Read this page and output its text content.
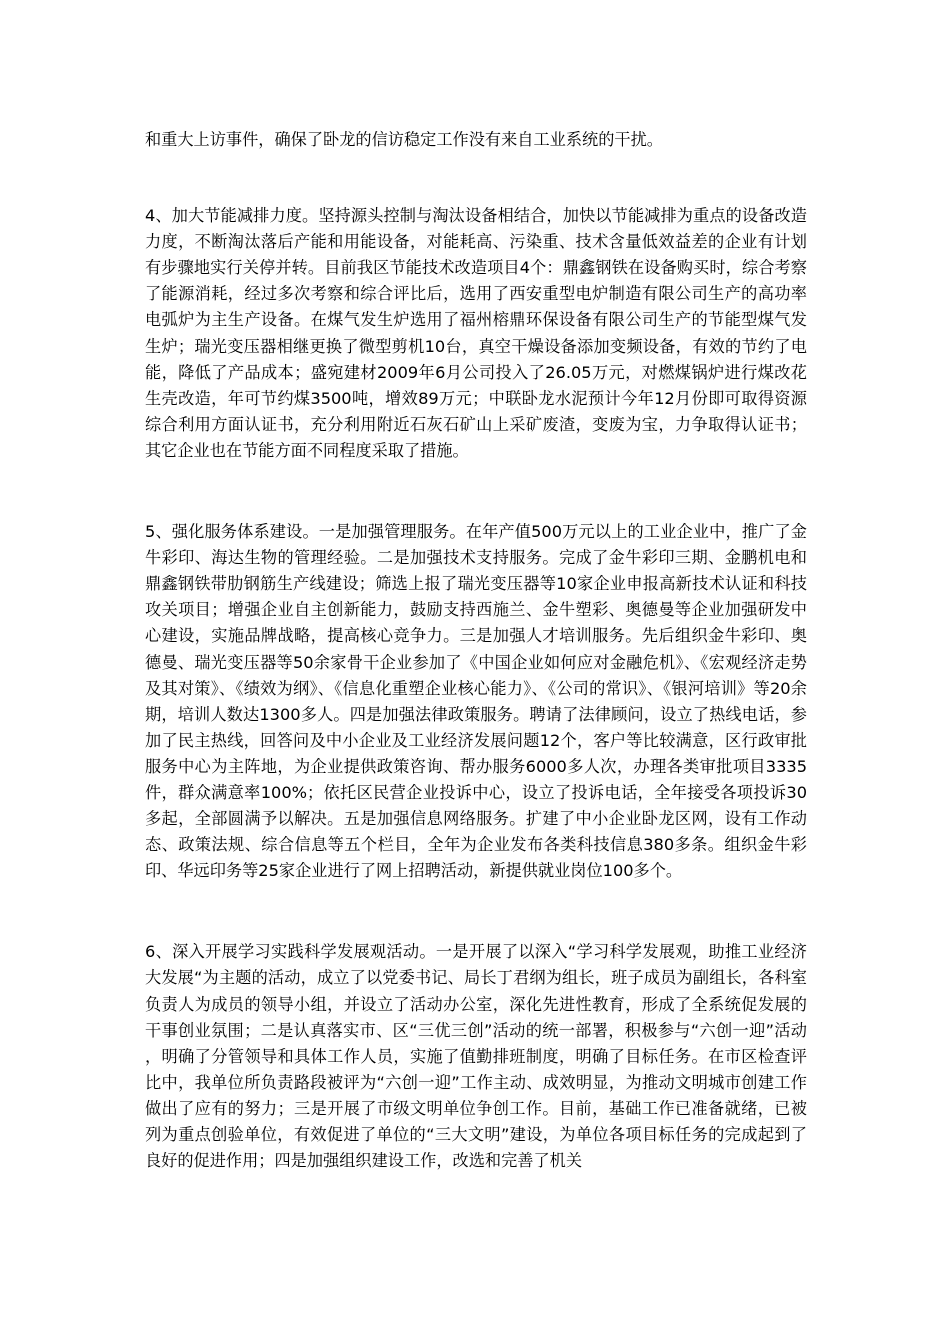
和重大上访事件，确保了卧龙的信访稳定工作没有来自工业系统的干扰。

4、加大节能减排力度。坚持源头控制与淘汰设备相结合，加快以节能减排为重点的设备改造力度，不断淘汰落后产能和用能设备，对能耗高、污染重、技术含量低效益差的企业有计划有步骤地实行关停并转。目前我区节能技术改造项目4个：鼎鑫钢铁在设备购买时，综合考察了能源消耗，经过多次考察和综合评比后，选用了西安重型电炉制造有限公司生产的高功率电弧炉为主生产设备。在煤气发生炉选用了福州榕鼎环保设备有限公司生产的节能型煤气发生炉；瑞光变压器相继更换了微型剪机10台，真空干燥设备添加变频设备，有效的节约了电能，降低了产品成本；盛宛建材2009年6月公司投入了26.05万元，对燃煤锅炉进行煤改花生壳改造，年可节约煤3500吨，增效89万元；中联卧龙水泥预计今年12月份即可取得资源综合利用方面认证书，充分利用附近石灰石矿山上采矿废渣，变废为宝，力争取得认证书；其它企业也在节能方面不同程度采取了措施。

5、强化服务体系建设。一是加强管理服务。在年产值500万元以上的工业企业中，推广了金牛彩印、海达生物的管理经验。二是加强技术支持服务。完成了金牛彩印三期、金鹏机电和鼎鑫钢铁带肋钢筋生产线建设；筛选上报了瑞光变压器等10家企业申报高新技术认证和科技攻关项目；增强企业自主创新能力，鼓励支持西施兰、金牛塑彩、奥德曼等企业加强研发中心建设，实施品牌战略，提高核心竞争力。三是加强人才培训服务。先后组织金牛彩印、奥德曼、瑞光变压器等50余家骨干企业参加了《中国企业如何应对金融危机》、《宏观经济走势及其对策》、《绩效为纲》、《信息化重塑企业核心能力》、《公司的常识》、《银河培训》等20余期，培训人数达1300多人。四是加强法律政策服务。聘请了法律顾问，设立了热线电话，参加了民主热线，回答问及中小企业及工业经济发展问题12个，客户等比较满意，区行政审批服务中心为主阵地，为企业提供政策咨询、帮办服务6000多人次，办理各类审批项目3335件，群众满意率100%；依托区民营企业投诉中心，设立了投诉电话，全年接受各项投诉30多起，全部圆满予以解决。五是加强信息网络服务。扩建了中小企业卧龙区网，设有工作动态、政策法规、综合信息等五个栏目，全年为企业发布各类科技信息380多条。组织金牛彩印、华远印务等25家企业进行了网上招聘活动，新提供就业岗位100多个。

6、深入开展学习实践科学发展观活动。一是开展了以深入“学习科学发展观，助推工业经济大发展“为主题的活动，成立了以党委书记、局长丁君纲为组长，班子成员为副组长，各科室负责人为成员的领导小组，并设立了活动办公室，深化先进性教育，形成了全系统促发展的干事创业氛围；二是认真落实市、区“三优三创”活动的统一部署，积极参与“六创一迎”活动，明确了分管领导和具体工作人员，实施了值勤排班制度，明确了目标任务。在市区检查评比中，我单位所负责路段被评为“六创一迎”工作主动、成效明显，为推动文明城市创建工作做出了应有的努力；三是开展了市级文明单位争创工作。目前，基础工作已准备就绪，已被列为重点创验单位，有效促进了单位的“三大文明”建设，为单位各项目标任务的完成起到了良好的促进作用；四是加强组织建设工作，改选和完善了机关
